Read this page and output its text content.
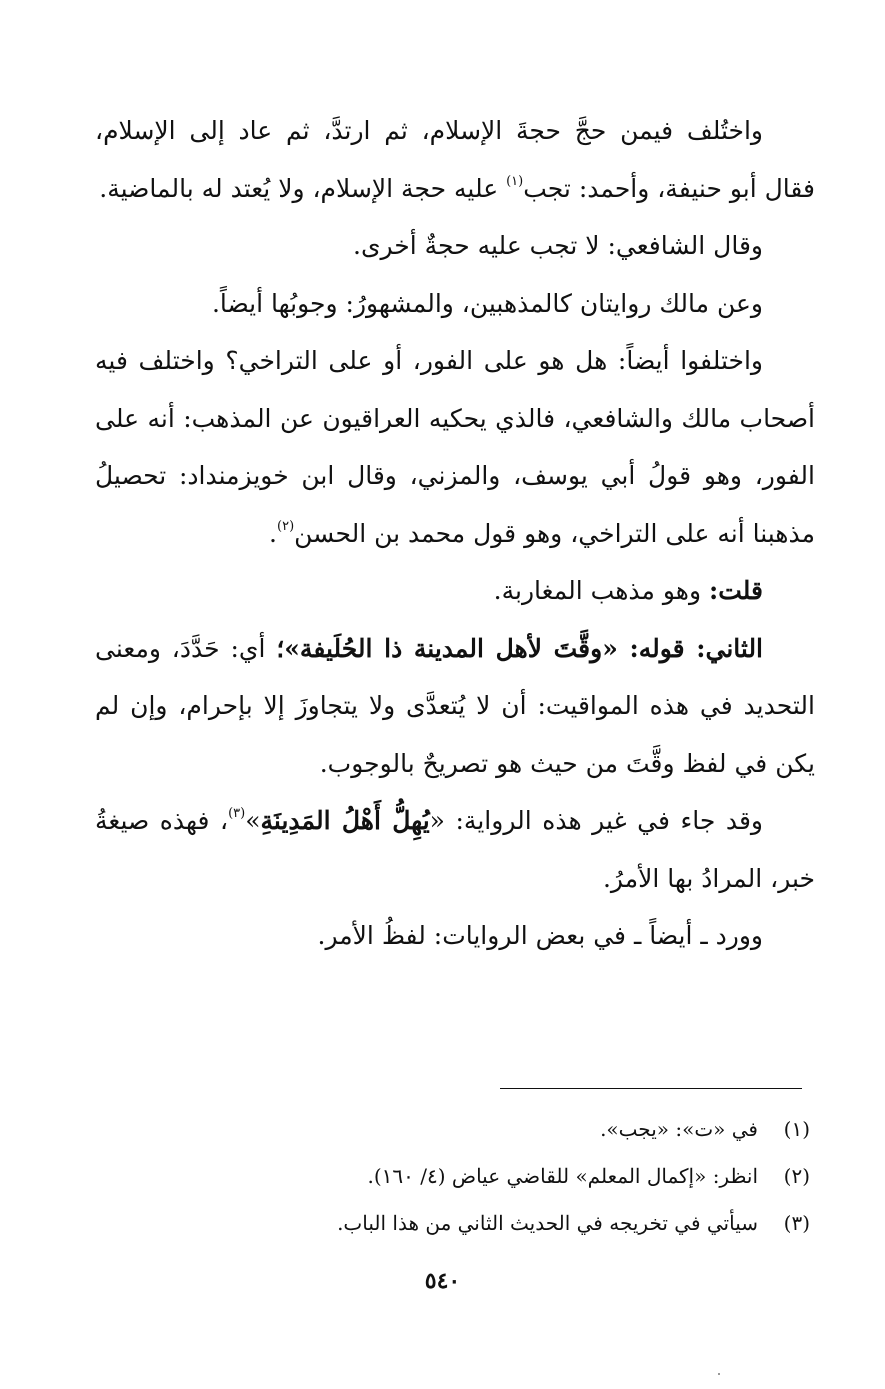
واختُلف فيمن حجَّ حجةَ الإسلام، ثم ارتدَّ، ثم عاد إلى الإسلام، فقال أبو حنيفة، وأحمد: تجب$^{(١)}$ عليه حجة الإسلام، ولا يُعتد له بالماضية.

وقال الشافعي: لا تجب عليه حجةٌ أخرى.

وعن مالك روايتان كالمذهبين، والمشهورُ: وجوبُها أيضاً.

واختلفوا أيضاً: هل هو على الفور، أو على التراخي؟ واختلف فيه أصحاب مالك والشافعي، فالذي يحكيه العراقيون عن المذهب: أنه على الفور، وهو قولُ أبي يوسف، والمزني، وقال ابن خويزمنداد: تحصيلُ مذهبنا أنه على التراخي، وهو قول محمد بن الحسن$^{(٢)}$.

قلت: وهو مذهب المغاربة.

الثاني: قوله: «وقَّتَ لأهل المدينة ذا الحُلَيفة»؛ أي: حَدَّدَ، ومعنى التحديد في هذه المواقيت: أن لا يُتعدَّى ولا يتجاوزَ إلا بإحرام، وإن لم يكن في لفظ وقَّتَ من حيث هو تصريحٌ بالوجوب.

وقد جاء في غير هذه الرواية: «يُهِلُّ أَهْلُ المَدِينَةِ»$^{(٣)}$، فهذه صيغةُ خبر، المرادُ بها الأمرُ.

وورد ـ أيضاً ـ في بعض الروايات: لفظُ الأمر.

(١)في «ت»: «يجب».

(٢)انظر: «إكمال المعلم» للقاضي عياض (٤/ ١٦٠).

(٣)سيأتي في تخريجه في الحديث الثاني من هذا الباب.

٥٤٠
